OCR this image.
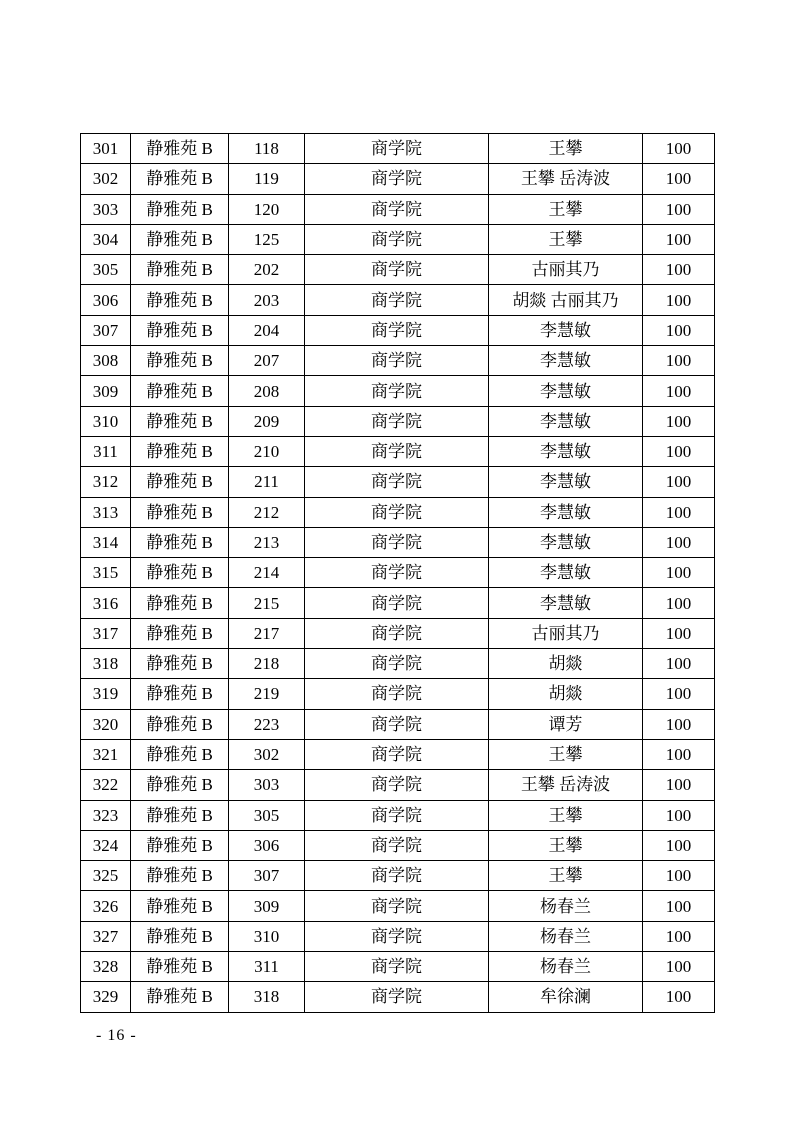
301	静雅苑 B	118	商学院	王攀	100
302	静雅苑 B	119	商学院	王攀 岳涛波	100
303	静雅苑 B	120	商学院	王攀	100
304	静雅苑 B	125	商学院	王攀	100
305	静雅苑 B	202	商学院	古丽其乃	100
306	静雅苑 B	203	商学院	胡燚 古丽其乃	100
307	静雅苑 B	204	商学院	李慧敏	100
308	静雅苑 B	207	商学院	李慧敏	100
309	静雅苑 B	208	商学院	李慧敏	100
310	静雅苑 B	209	商学院	李慧敏	100
311	静雅苑 B	210	商学院	李慧敏	100
312	静雅苑 B	211	商学院	李慧敏	100
313	静雅苑 B	212	商学院	李慧敏	100
314	静雅苑 B	213	商学院	李慧敏	100
315	静雅苑 B	214	商学院	李慧敏	100
316	静雅苑 B	215	商学院	李慧敏	100
317	静雅苑 B	217	商学院	古丽其乃	100
318	静雅苑 B	218	商学院	胡燚	100
319	静雅苑 B	219	商学院	胡燚	100
320	静雅苑 B	223	商学院	谭芳	100
321	静雅苑 B	302	商学院	王攀	100
322	静雅苑 B	303	商学院	王攀 岳涛波	100
323	静雅苑 B	305	商学院	王攀	100
324	静雅苑 B	306	商学院	王攀	100
325	静雅苑 B	307	商学院	王攀	100
326	静雅苑 B	309	商学院	杨春兰	100
327	静雅苑 B	310	商学院	杨春兰	100
328	静雅苑 B	311	商学院	杨春兰	100
329	静雅苑 B	318	商学院	牟徐澜	100
- 16 -
